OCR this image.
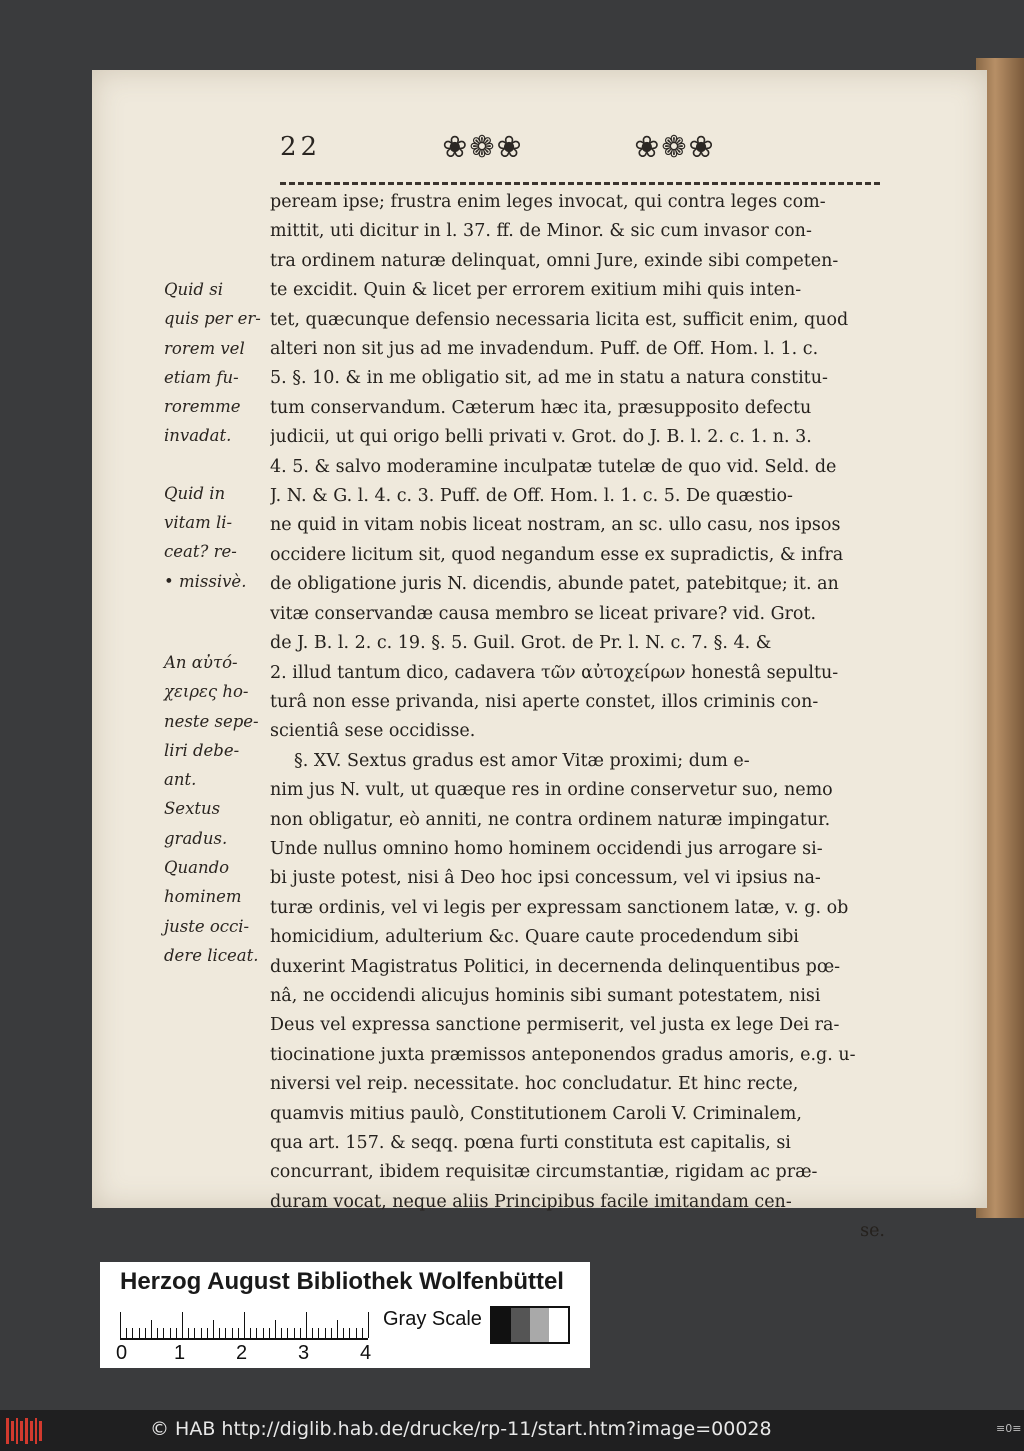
22	❀❁❀	❀❁❀
Quid si
quis per er-
rorem vel
etiam fu-
roremme
invadat.
Quid in
vitam li-
ceat? re-
• missivè.
An αὐτό-
χειρες ho-
neste sepe-
liri debe-
ant.
Sextus
gradus.
Quando
hominem
juste occi-
dere liceat.
peream ipse; frustra enim leges invocat, qui contra leges com-
mittit, uti dicitur in l. 37. ff. de Minor. & sic cum invasor con-
tra ordinem naturæ delinquat, omni Jure, exinde sibi competen-
te excidit. Quin & licet per errorem exitium mihi quis inten-
tet, quæcunque defensio necessaria licita est, sufficit enim, quod
alteri non sit jus ad me invadendum. Puff. de Off. Hom. l. 1. c.
5. §. 10. & in me obligatio sit, ad me in statu a natura constitu-
tum conservandum. Cæterum hæc ita, præsupposito defectu
judicii, ut qui origo belli privati v. Grot. do J. B. l. 2. c. 1. n. 3.
4. 5. & salvo moderamine inculpatæ tutelæ de quo vid. Seld. de
J. N. & G. l. 4. c. 3. Puff. de Off. Hom. l. 1. c. 5. De quæstio-
ne quid in vitam nobis liceat nostram, an sc. ullo casu, nos ipsos
occidere licitum sit, quod negandum esse ex supradictis, & infra
de obligatione juris N. dicendis, abunde patet, patebitque; it. an
vitæ conservandæ causa membro se liceat privare? vid. Grot.
de J. B. l. 2. c. 19. §. 5. Guil. Grot. de Pr. l. N. c. 7. §. 4. &
2. illud tantum dico, cadavera τῶν αὐτοχείρων honestâ sepultu-
turâ non esse privanda, nisi aperte constet, illos criminis con-
scientiâ sese occidisse.
§. XV. Sextus gradus est amor Vitæ proximi; dum e-
nim jus N. vult, ut quæque res in ordine conservetur suo, nemo
non obligatur, eò anniti, ne contra ordinem naturæ impingatur.
Unde nullus omnino homo hominem occidendi jus arrogare si-
bi juste potest, nisi â Deo hoc ipsi concessum, vel vi ipsius na-
turæ ordinis, vel vi legis per expressam sanctionem latæ, v. g. ob
homicidium, adulterium &c. Quare caute procedendum sibi
duxerint Magistratus Politici, in decernenda delinquentibus pœ-
nâ, ne occidendi alicujus hominis sibi sumant potestatem, nisi
Deus vel expressa sanctione permiserit, vel justa ex lege Dei ra-
tiocinatione juxta præmissos anteponendos gradus amoris, e.g. u-
niversi vel reip. necessitate. hoc concludatur. Et hinc recte,
quamvis mitius paulò, Constitutionem Caroli V. Criminalem,
qua art. 157. & seqq. pœna furti constituta est capitalis, si
concurrant, ibidem requisitæ circumstantiæ, rigidam ac præ-
duram vocat, neque aliis Principibus facile imitandam cen-
se.
Herzog August Bibliothek Wolfenbüttel
0 1	2	3	4
Gray Scale
© HAB http://diglib.hab.de/drucke/rp-11/start.htm?image=00028	≡0≡
